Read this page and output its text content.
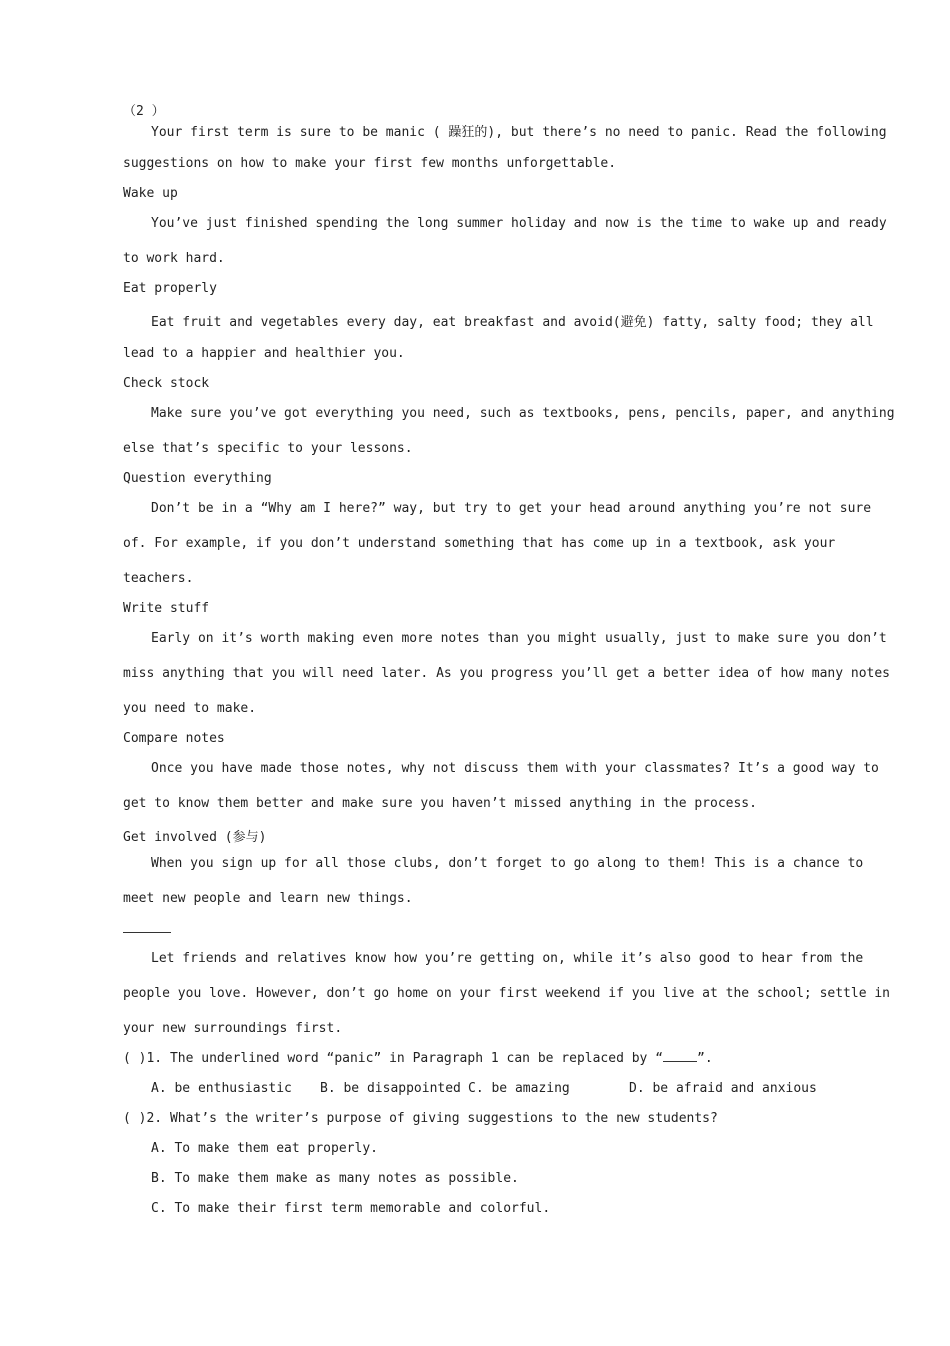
（2 ）
Your first term is sure to be manic ( 躁狂的), but there’s no need to panic. Read the following
suggestions on how to make your first few months unforgettable.
Wake up
You’ve just finished spending the long summer holiday and now is the time to wake up and ready
to work hard.
Eat properly
Eat fruit and vegetables every day, eat breakfast and avoid(避免) fatty, salty food; they all
lead to a happier and healthier you.
Check stock
Make sure you’ve got everything you need, such as textbooks, pens, pencils, paper, and anything
else that’s specific to your lessons.
Question everything
Don’t be in a “Why am I here?” way, but try to get your head around anything you’re not sure
of. For example, if you don’t understand something that has come up in a textbook, ask your
teachers.
Write stuff
Early on it’s worth making even more notes than you might usually, just to make sure you don’t
miss anything that you will need later. As you progress you’ll get a better idea of how many notes
you need to make.
Compare notes
Once you have made those notes, why not discuss them with your classmates? It’s a good way to
get to know them better and make sure you haven’t missed anything in the process.
Get involved (参与)
When you sign up for all those clubs, don’t forget to go along to them! This is a chance to
meet new people and learn new things.
Let friends and relatives know how you’re getting on, while it’s also good to hear from the
people you love. However, don’t go home on your first weekend if you live at the school; settle in
your new surroundings first.
( )1. The underlined word “panic” in Paragraph 1 can be replaced by “	”.
A. be enthusiastic B. be disappointed C. be amazing	D. be afraid and anxious
( )2. What’s the writer’s purpose of giving suggestions to the new students?
A. To make them eat properly.
B. To make them make as many notes as possible.
C. To make their first term memorable and colorful.
